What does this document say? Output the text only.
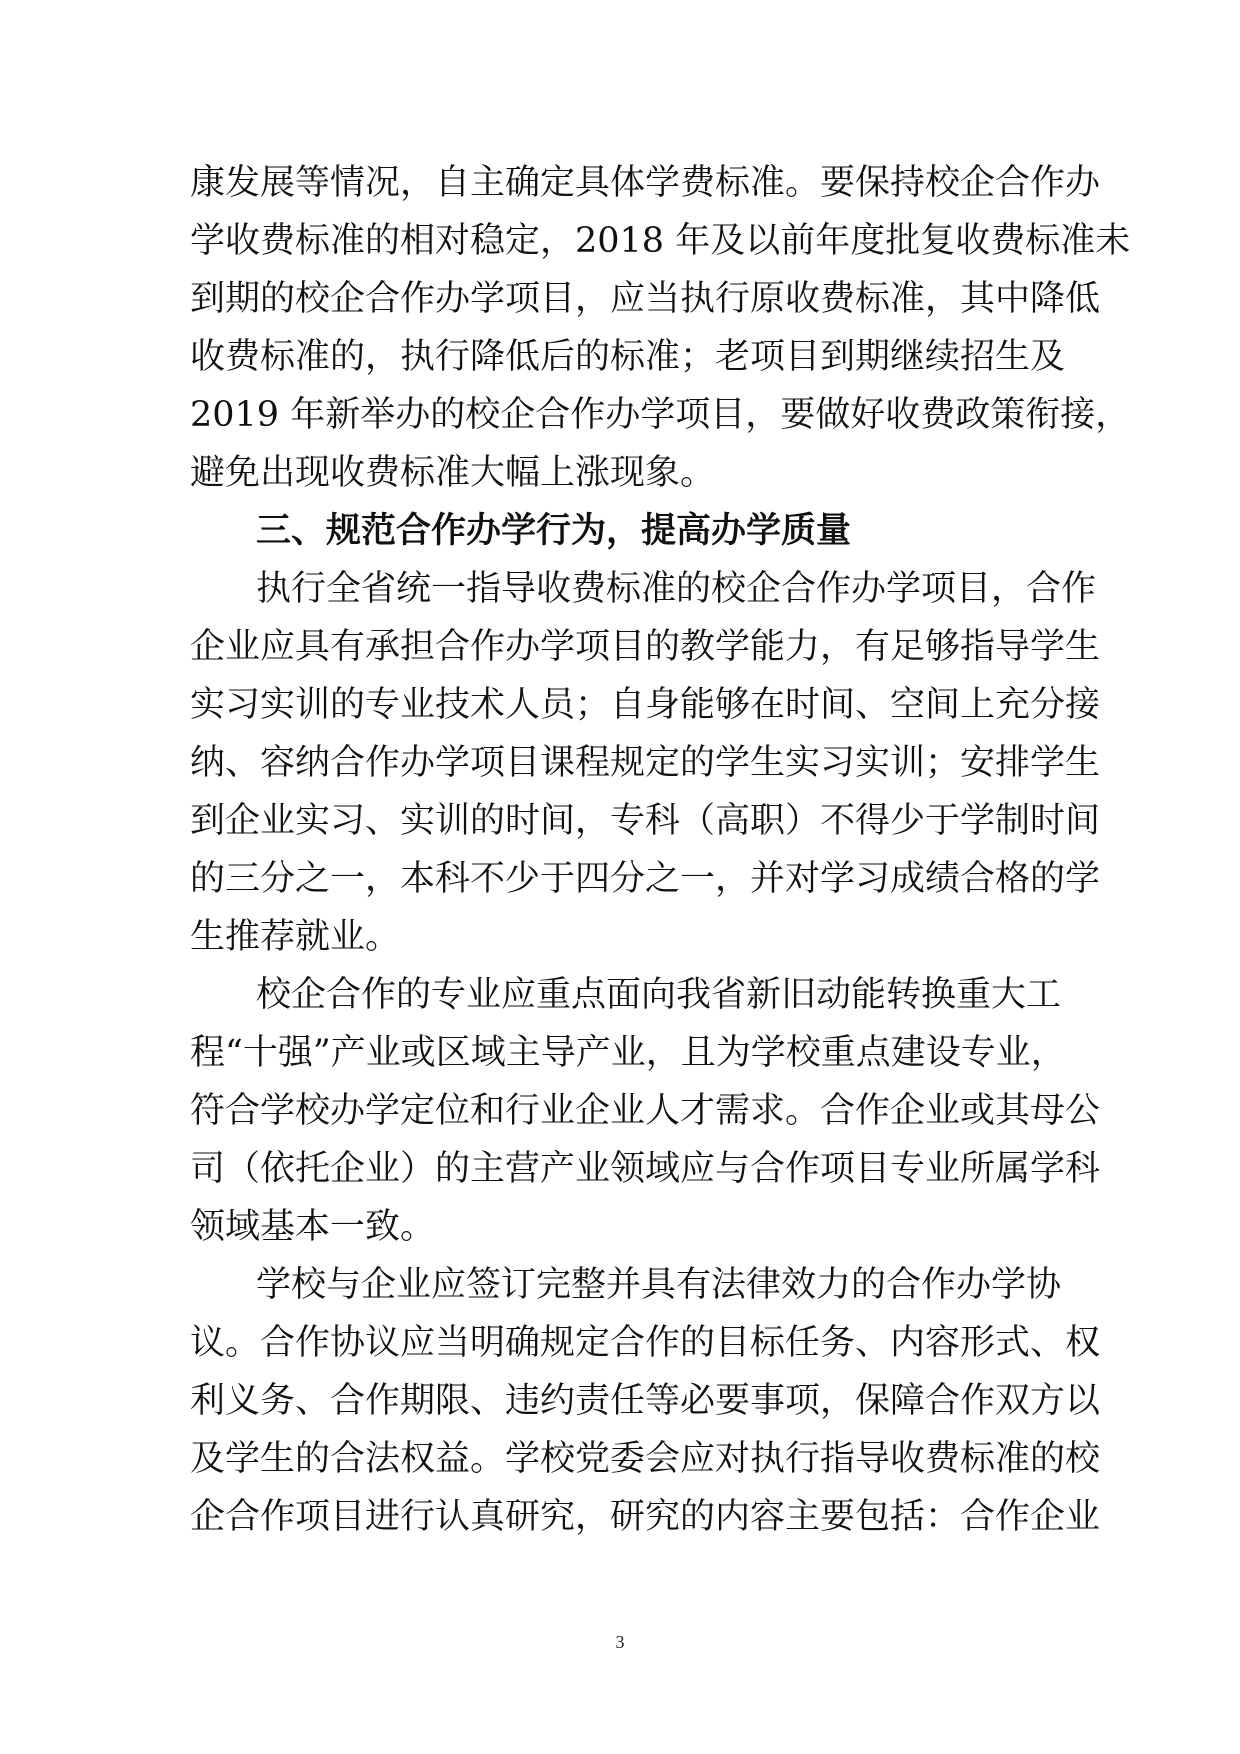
康发展等情况，自主确定具体学费标准。要保持校企合作办
学收费标准的相对稳定，2018 年及以前年度批复收费标准未
到期的校企合作办学项目，应当执行原收费标准，其中降低
收费标准的，执行降低后的标准；老项目到期继续招生及
2019 年新举办的校企合作办学项目，要做好收费政策衔接，
避免出现收费标准大幅上涨现象。
三、规范合作办学行为，提高办学质量
执行全省统一指导收费标准的校企合作办学项目，合作
企业应具有承担合作办学项目的教学能力，有足够指导学生
实习实训的专业技术人员；自身能够在时间、空间上充分接
纳、容纳合作办学项目课程规定的学生实习实训；安排学生
到企业实习、实训的时间，专科（高职）不得少于学制时间
的三分之一，本科不少于四分之一，并对学习成绩合格的学
生推荐就业。
校企合作的专业应重点面向我省新旧动能转换重大工
程“十强”产业或区域主导产业，且为学校重点建设专业，
符合学校办学定位和行业企业人才需求。合作企业或其母公
司（依托企业）的主营产业领域应与合作项目专业所属学科
领域基本一致。
学校与企业应签订完整并具有法律效力的合作办学协
议。合作协议应当明确规定合作的目标任务、内容形式、权
利义务、合作期限、违约责任等必要事项，保障合作双方以
及学生的合法权益。学校党委会应对执行指导收费标准的校
企合作项目进行认真研究，研究的内容主要包括：合作企业
3
